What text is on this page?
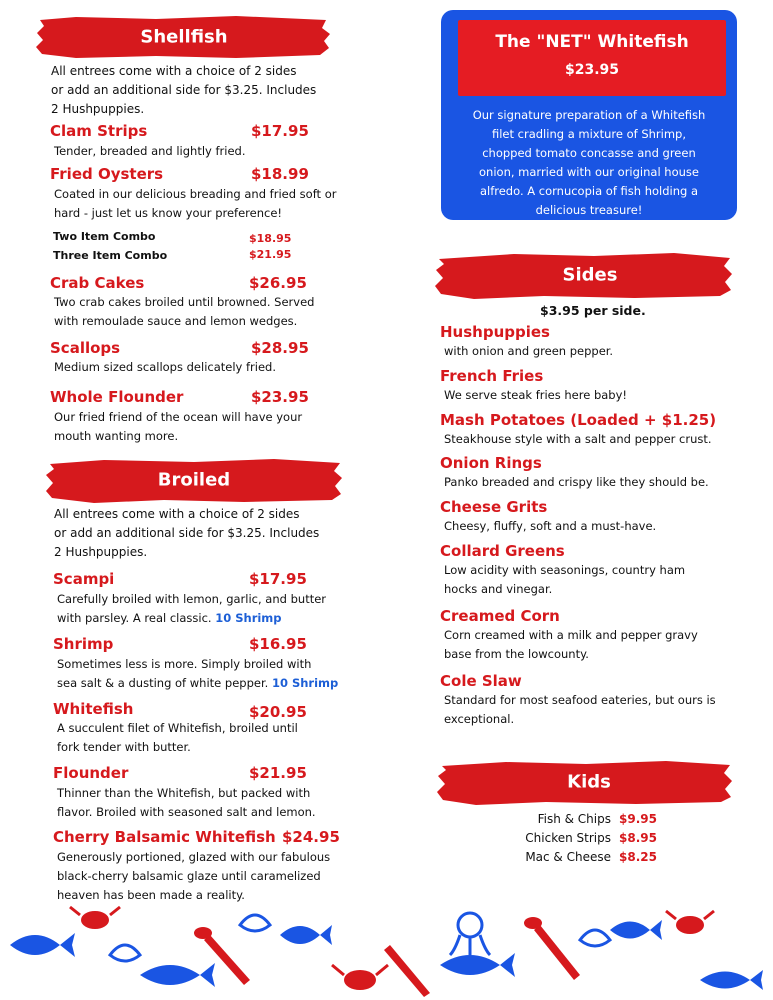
Shellfish
All entrees come with a choice of 2 sides
or add an additional side for $3.25. Includes
2 Hushpuppies.
Clam Strips	$17.95
Tender, breaded and lightly fried.
Fried Oysters	$18.99
Coated in our delicious breading and fried soft or
hard - just let us know your preference!
Two Item Combo	$18.95
Three Item Combo	$21.95
Crab Cakes	$26.95
Two crab cakes broiled until browned. Served
with remoulade sauce and lemon wedges.
Scallops	$28.95
Medium sized scallops delicately fried.
Whole Flounder	$23.95
Our fried friend of the ocean will have your
mouth wanting more.
Broiled
All entrees come with a choice of 2 sides
or add an additional side for $3.25. Includes
2 Hushpuppies.
Scampi	$17.95
Carefully broiled with lemon, garlic, and butter
with parsley. A real classic. 10 Shrimp
Shrimp	$16.95
Sometimes less is more. Simply broiled with
sea salt & a dusting of white pepper. 10 Shrimp
Whitefish	$20.95
A succulent filet of Whitefish, broiled until
fork tender with butter.
Flounder	$21.95
Thinner than the Whitefish, but packed with
flavor. Broiled with seasoned salt and lemon.
Cherry Balsamic Whitefish $24.95
Generously portioned, glazed with our fabulous
black-cherry balsamic glaze until caramelized
heaven has been made a reality.
The "NET" Whitefish
$23.95
Our signature preparation of a Whitefish
filet cradling a mixture of Shrimp,
chopped tomato concasse and green
onion, married with our original house
alfredo. A cornucopia of fish holding a
delicious treasure!
Sides
$3.95 per side.
Hushpuppies
with onion and green pepper.
French Fries
We serve steak fries here baby!
Mash Potatoes (Loaded + $1.25)
Steakhouse style with a salt and pepper crust.
Onion Rings
Panko breaded and crispy like they should be.
Cheese Grits
Cheesy, fluffy, soft and a must-have.
Collard Greens
Low acidity with seasonings, country ham
hocks and vinegar.
Creamed Corn
Corn creamed with a milk and pepper gravy
base from the lowcounty.
Cole Slaw
Standard for most seafood eateries, but ours is
exceptional.
Kids
Fish & Chips $9.95
Chicken Strips $8.95
Mac & Cheese $8.25
